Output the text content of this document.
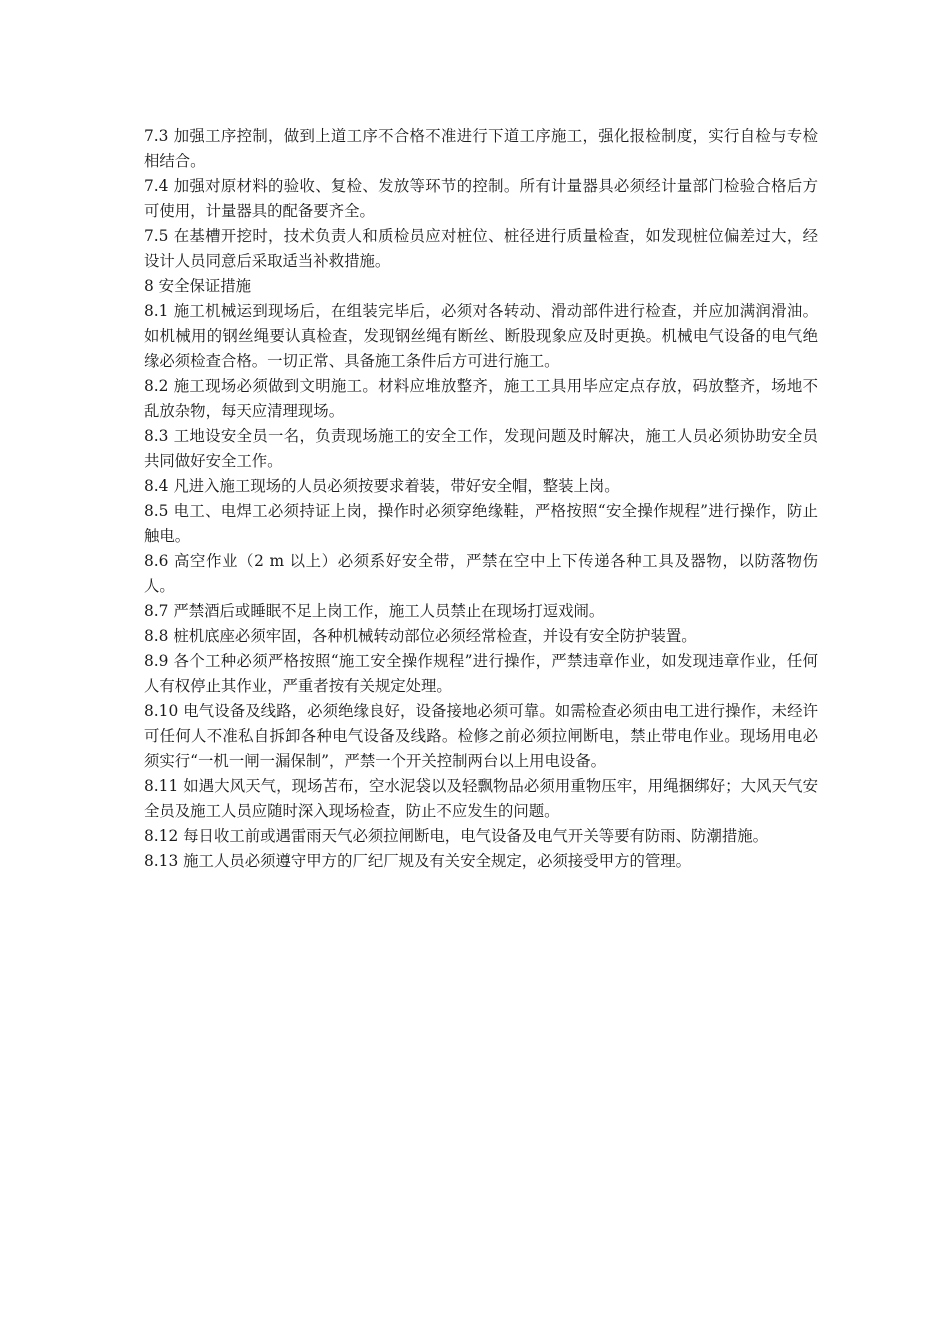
7.3 加强工序控制，做到上道工序不合格不准进行下道工序施工，强化报检制度，实行自检与专检相结合。

7.4 加强对原材料的验收、复检、发放等环节的控制。所有计量器具必须经计量部门检验合格后方可使用，计量器具的配备要齐全。

7.5 在基槽开挖时，技术负责人和质检员应对桩位、桩径进行质量检查，如发现桩位偏差过大，经设计人员同意后采取适当补救措施。

8 安全保证措施

8.1 施工机械运到现场后，在组装完毕后，必须对各转动、滑动部件进行检查，并应加满润滑油。如机械用的钢丝绳要认真检查，发现钢丝绳有断丝、断股现象应及时更换。机械电气设备的电气绝缘必须检查合格。一切正常、具备施工条件后方可进行施工。

8.2 施工现场必须做到文明施工。材料应堆放整齐，施工工具用毕应定点存放，码放整齐，场地不乱放杂物，每天应清理现场。

8.3 工地设安全员一名，负责现场施工的安全工作，发现问题及时解决，施工人员必须协助安全员共同做好安全工作。

8.4 凡进入施工现场的人员必须按要求着装，带好安全帽，整装上岗。

8.5 电工、电焊工必须持证上岗，操作时必须穿绝缘鞋，严格按照“安全操作规程”进行操作，防止触电。

8.6 高空作业（2 m 以上）必须系好安全带，严禁在空中上下传递各种工具及器物，以防落物伤人。

8.7 严禁酒后或睡眠不足上岗工作，施工人员禁止在现场打逗戏闹。

8.8 桩机底座必须牢固，各种机械转动部位必须经常检查，并设有安全防护装置。

8.9 各个工种必须严格按照“施工安全操作规程”进行操作，严禁违章作业，如发现违章作业，任何人有权停止其作业，严重者按有关规定处理。

8.10 电气设备及线路，必须绝缘良好，设备接地必须可靠。如需检查必须由电工进行操作，未经许可任何人不准私自拆卸各种电气设备及线路。检修之前必须拉闸断电，禁止带电作业。现场用电必须实行“一机一闸一漏保制”，严禁一个开关控制两台以上用电设备。

8.11 如遇大风天气，现场苫布，空水泥袋以及轻飘物品必须用重物压牢，用绳捆绑好；大风天气安全员及施工人员应随时深入现场检查，防止不应发生的问题。

8.12 每日收工前或遇雷雨天气必须拉闸断电，电气设备及电气开关等要有防雨、防潮措施。

8.13 施工人员必须遵守甲方的厂纪厂规及有关安全规定，必须接受甲方的管理。
